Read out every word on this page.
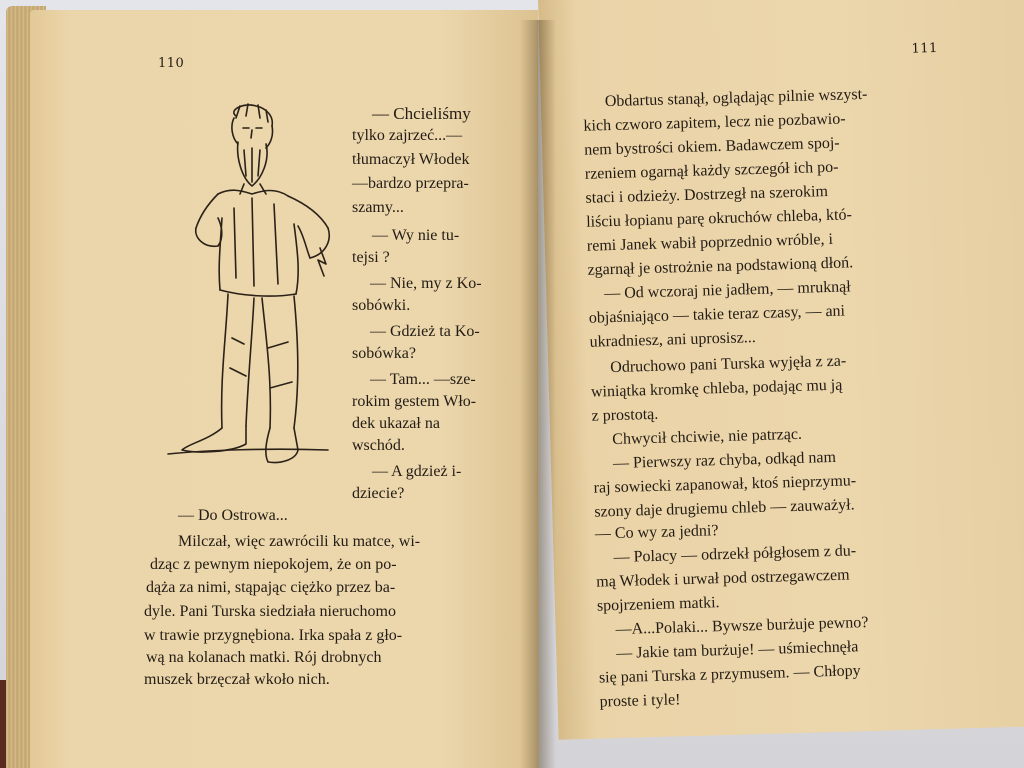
110
— Chcieliśmy
tylko zajrzeć...—
tłumaczył Włodek
—bardzo przepra-
szamy...
— Wy nie tu-
tejsi ?
— Nie, my z Ko-
sobówki.
— Gdzież ta Ko-
sobówka?
— Tam... —sze-
rokim gestem Wło-
dek ukazał na
wschód.
— A gdzież i-
dziecie?
— Do Ostrowa...
Milczał, więc zawrócili ku matce, wi-
dząc z pewnym niepokojem, że on po-
dąża za nimi, stąpając ciężko przez ba-
dyle. Pani Turska siedziała nieruchomo
w trawie przygnębiona. Irka spała z gło-
wą na kolanach matki. Rój drobnych
muszek brzęczał wkoło nich.
111
Obdartus stanął, oglądając pilnie wszyst-
kich czworo zapitem, lecz nie pozbawio-
nem bystrości okiem. Badawczem spoj-
rzeniem ogarnął każdy szczegół ich po-
staci i odzieży. Dostrzegł na szerokim
liściu łopianu parę okruchów chleba, któ-
remi Janek wabił poprzednio wróble, i
zgarnął je ostrożnie na podstawioną dłoń.
— Od wczoraj nie jadłem, — mruknął
objaśniająco — takie teraz czasy, — ani
ukradniesz, ani uprosisz...
Odruchowo pani Turska wyjęła z za-
winiątka kromkę chleba, podając mu ją
z prostotą.
Chwycił chciwie, nie patrząc.
— Pierwszy raz chyba, odkąd nam
raj sowiecki zapanował, ktoś nieprzymu-
szony daje drugiemu chleb — zauważył.
— Co wy za jedni?
— Polacy — odrzekł półgłosem z du-
mą Włodek i urwał pod ostrzegawczem
spojrzeniem matki.
—A...Polaki... Bywsze burżuje pewno?
— Jakie tam burżuje! — uśmiechnęła
się pani Turska z przymusem. — Chłopy
proste i tyle!
